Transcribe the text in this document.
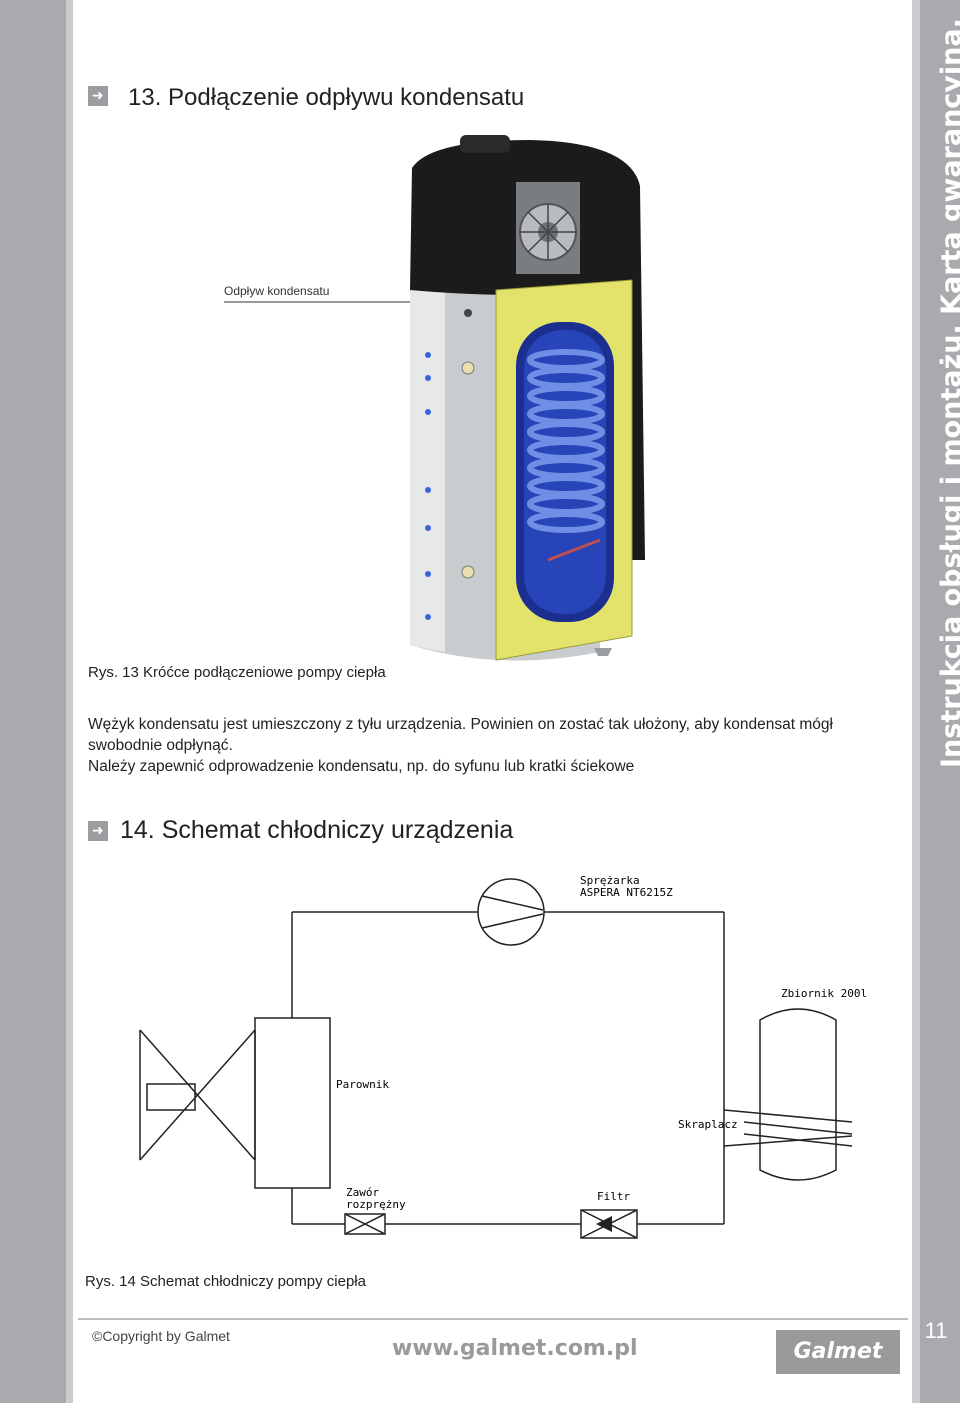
Instrukcja obsługi i montażu. Karta gwarancyjna.
➜ 13. Podłączenie odpływu kondensatu
Odpływ kondensatu
Rys. 13 Króćce podłączeniowe pompy ciepła

Wężyk kondensatu jest umieszczony z tyłu urządzenia. Powinien on zostać tak ułożony, aby kondensat mógł swobodnie odpłynąć.

Należy zapewnić odprowadzenie kondensatu, np. do syfunu lub kratki ściekowe

➜ 14. Schemat chłodniczy urządzenia
Sprężarka
ASPERA NT6215Z
Zbiornik 200l
Parownik
Skraplacz
Zawór
rozprężny
Filtr
Rys. 14 Schemat chłodniczy pompy ciepła
©Copyright by Galmet	www.galmet.com.pl	Galmet
11
